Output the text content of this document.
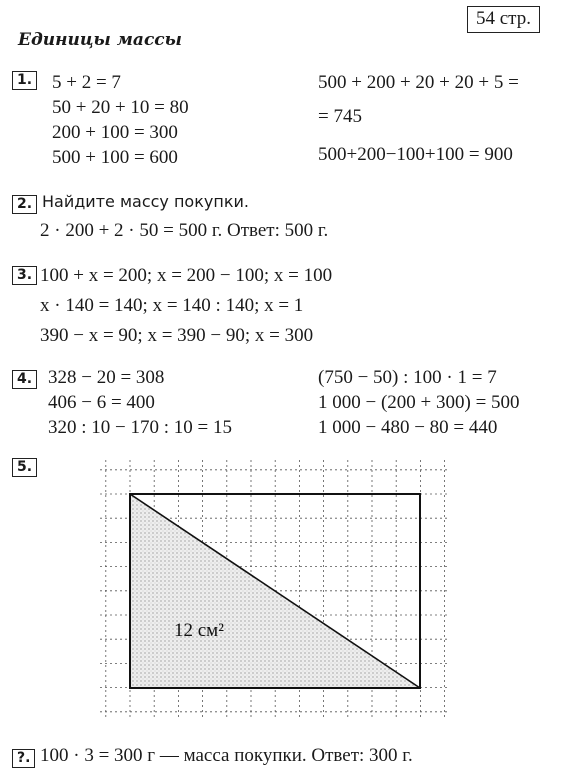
Единицы массы
54 стр.
1. 5 + 2 = 7
50 + 20 + 10 = 80
200 + 100 = 300
500 + 100 = 600
500 + 200 + 20 + 20 + 5 =
= 745
500+200−100+100 = 900
2. Найдите массу покупки.
2 · 200 + 2 · 50 = 500 г. Ответ: 500 г.
3. 100 + x = 200; x = 200 − 100; x = 100
x · 140 = 140; x = 140 : 140; x = 1
390 − x = 90; x = 390 − 90; x = 300
4. 328 − 20 = 308
406 − 6 = 400
320 : 10 − 170 : 10 = 15
(750 − 50) : 100 · 1 = 7
1 000 − (200 + 300) = 500
1 000 − 480 − 80 = 440
5.
12 см²
?. 100 · 3 = 300 г — масса покупки. Ответ: 300 г.
